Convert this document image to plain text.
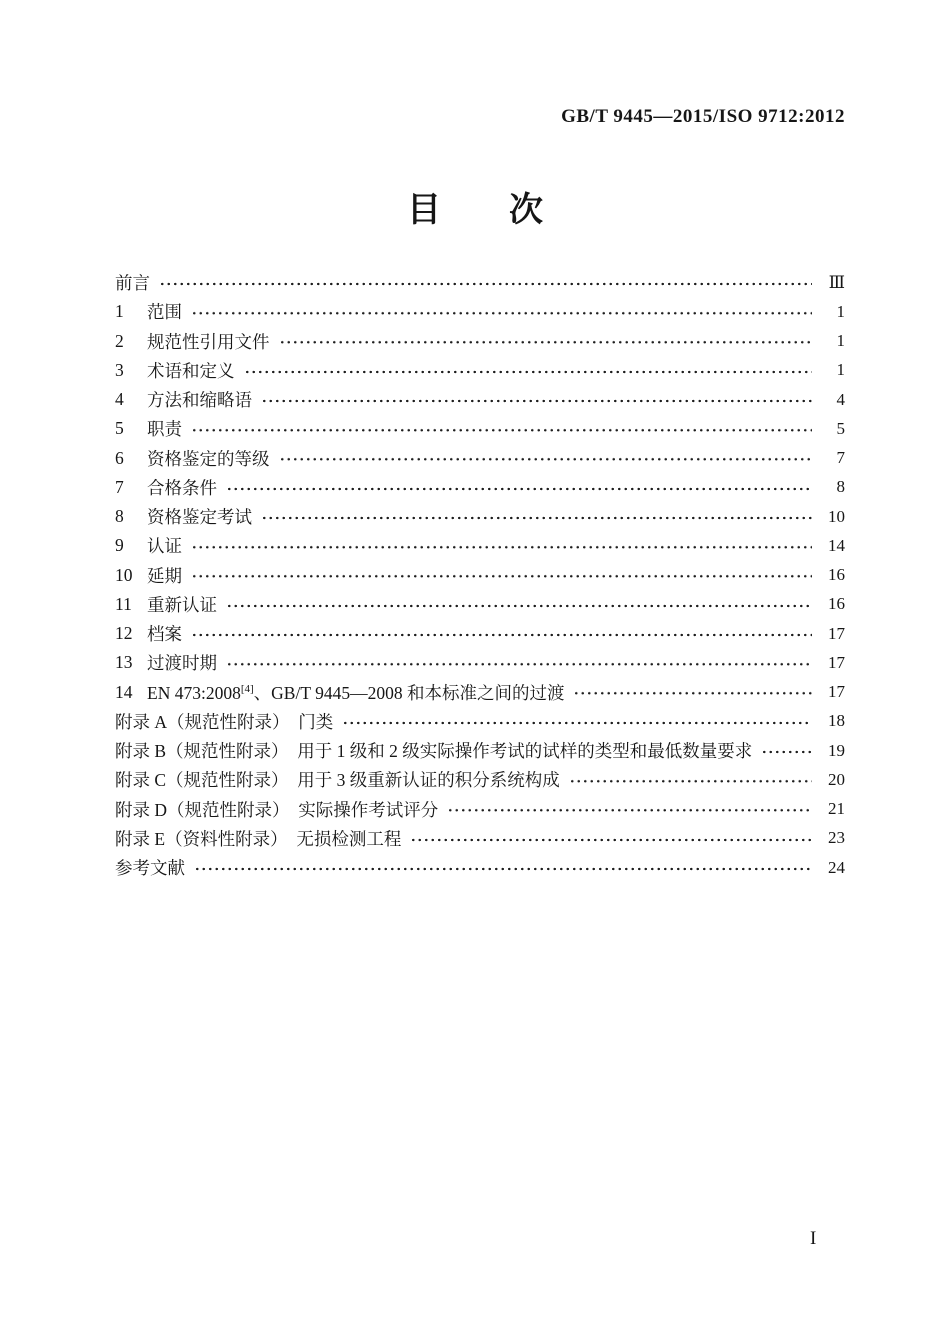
GB/T 9445—2015/ISO 9712:2012
目　　次
前言	Ⅲ
1	范围	1
2	规范性引用文件	1
3	术语和定义	1
4	方法和缩略语	4
5	职责	5
6	资格鉴定的等级	7
7	合格条件	8
8	资格鉴定考试	10
9	认证	14
10 延期	16
11 重新认证	16
12 档案	17
13 过渡时期	17
14 EN 473:2008[4]、GB/T 9445—2008 和本标准之间的过渡	17
附录 A（规范性附录）　门类	18
附录 B（规范性附录）　用于 1 级和 2 级实际操作考试的试样的类型和最低数量要求	19
附录 C（规范性附录）　用于 3 级重新认证的积分系统构成	20
附录 D（规范性附录）　实际操作考试评分	21
附录 E（资料性附录）　无损检测工程	23
参考文献	24
I
